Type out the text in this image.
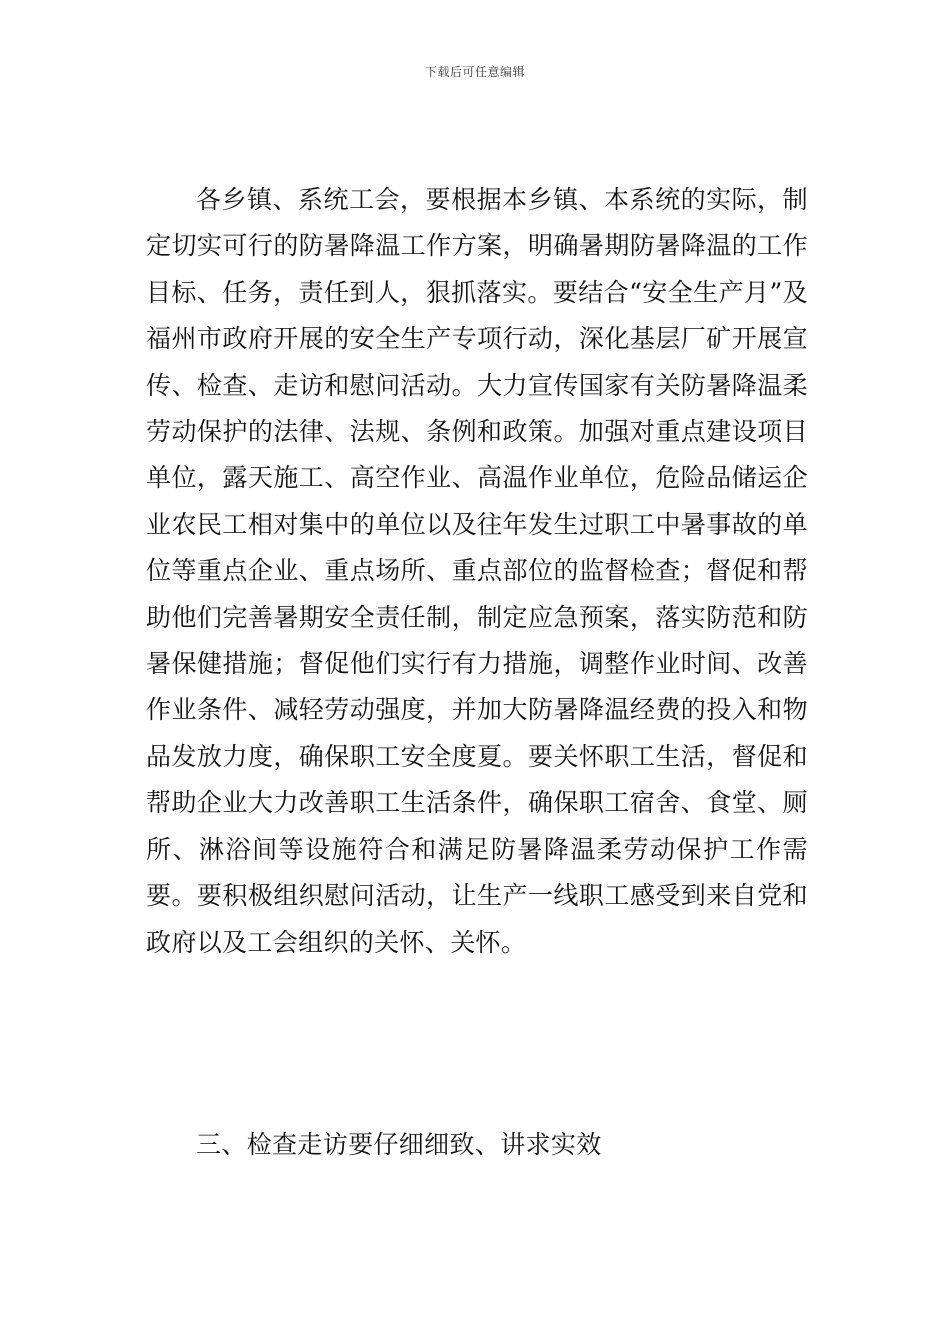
下载后可任意编辑

各乡镇、系统工会，要根据本乡镇、本系统的实际，制定切实可行的防暑降温工作方案，明确暑期防暑降温的工作目标、任务，责任到人，狠抓落实。要结合“安全生产月”及福州市政府开展的安全生产专项行动，深化基层厂矿开展宣传、检查、走访和慰问活动。大力宣传国家有关防暑降温柔劳动保护的法律、法规、条例和政策。加强对重点建设项目单位，露天施工、高空作业、高温作业单位，危险品储运企业农民工相对集中的单位以及往年发生过职工中暑事故的单位等重点企业、重点场所、重点部位的监督检查；督促和帮助他们完善暑期安全责任制，制定应急预案，落实防范和防暑保健措施；督促他们实行有力措施，调整作业时间、改善作业条件、减轻劳动强度，并加大防暑降温经费的投入和物品发放力度，确保职工安全度夏。要关怀职工生活，督促和帮助企业大力改善职工生活条件，确保职工宿舍、食堂、厕所、淋浴间等设施符合和满足防暑降温柔劳动保护工作需要。要积极组织慰问活动，让生产一线职工感受到来自党和政府以及工会组织的关怀、关怀。

三、检查走访要仔细细致、讲求实效
